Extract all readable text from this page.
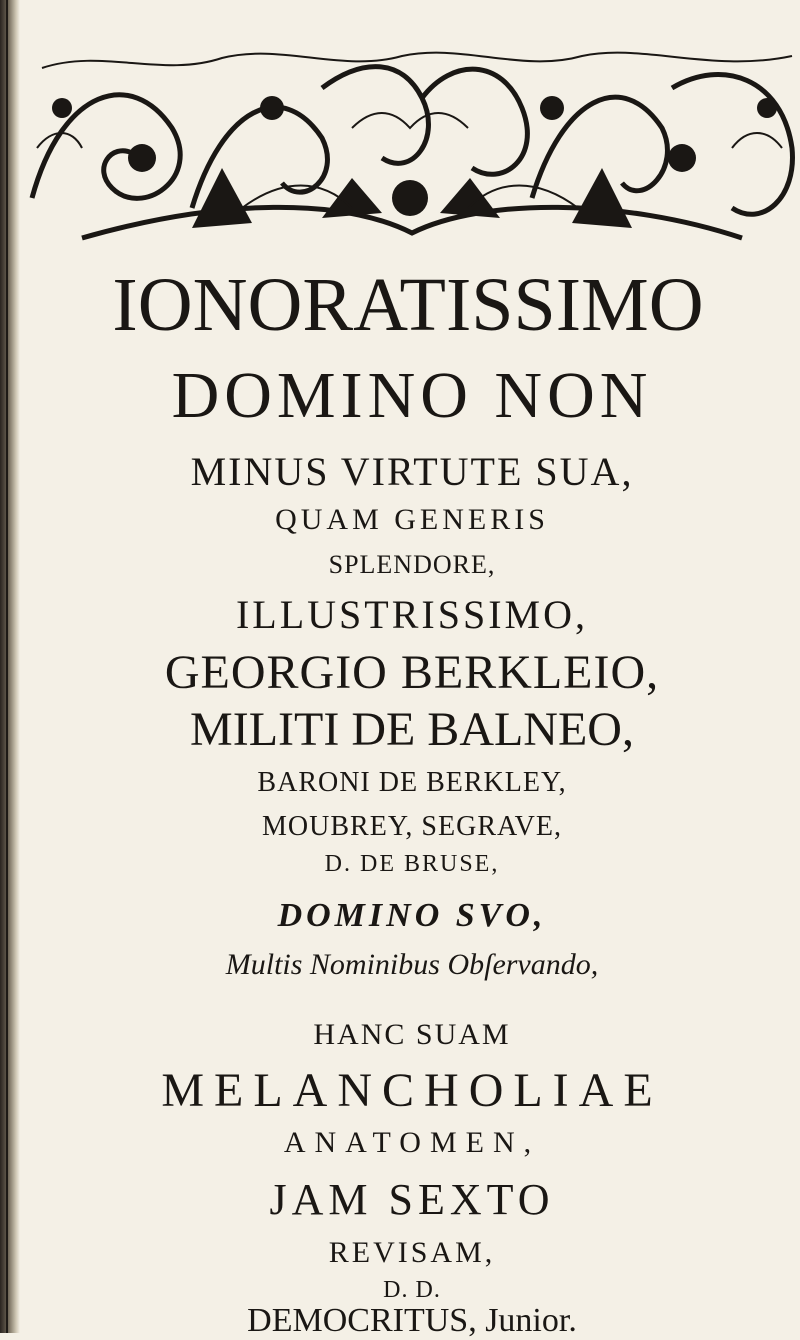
IONORATISSIMO
DOMINO NON
MINUS VIRTUTE SUA,
QUAM GENERIS
SPLENDORE,
ILLUSTRISSIMO,
GEORGIO BERKLEIO,
MILITI DE BALNEO,
BARONI DE BERKLEY,
MOUBREY, SEGRAVE,
D. DE BRUSE,
DOMINO SVO,
Multis Nominibus Obſervando,
HANC SUAM
MELANCHOLIAE
ANATOMEN,
JAM SEXTO
REVISAM,
D. D.
DEMOCRITUS, Junior.
